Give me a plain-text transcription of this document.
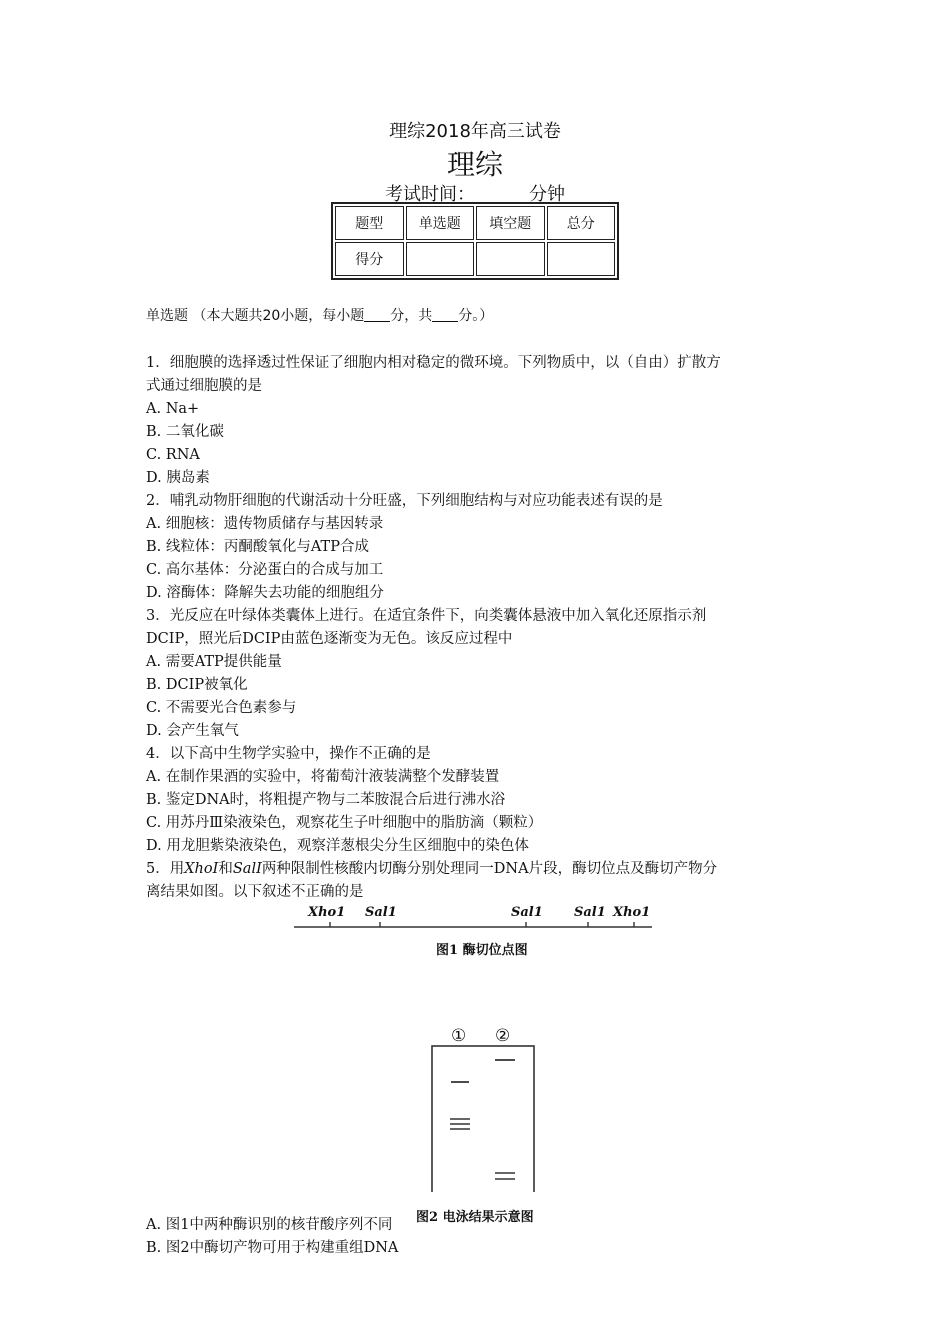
理综2018年高三试卷
理综
考试时间：	分钟
题型	单选题	填空题	总分
得分			
单选题 （本大题共20小题，每小题 分，共 分。）
1．细胞膜的选择透过性保证了细胞内相对稳定的微环境。下列物质中，以（自由）扩散方
式通过细胞膜的是
A. Na+
B. 二氧化碳
C. RNA
D. 胰岛素
2．哺乳动物肝细胞的代谢活动十分旺盛，下列细胞结构与对应功能表述有误的是
A. 细胞核：遗传物质储存与基因转录
B. 线粒体：丙酮酸氧化与ATP合成
C. 高尔基体：分泌蛋白的合成与加工
D. 溶酶体：降解失去功能的细胞组分
3．光反应在叶绿体类囊体上进行。在适宜条件下，向类囊体悬液中加入氧化还原指示剂
DCIP，照光后DCIP由蓝色逐渐变为无色。该反应过程中
A. 需要ATP提供能量
B. DCIP被氧化
C. 不需要光合色素参与
D. 会产生氧气
4．以下高中生物学实验中，操作不正确的是
A. 在制作果酒的实验中，将葡萄汁液装满整个发酵装置
B. 鉴定DNA时，将粗提产物与二苯胺混合后进行沸水浴
C. 用苏丹Ⅲ染液染色，观察花生子叶细胞中的脂肪滴（颗粒）
D. 用龙胆紫染液染色，观察洋葱根尖分生区细胞中的染色体
5．用XhoI和SalI两种限制性核酸内切酶分别处理同一DNA片段，酶切位点及酶切产物分
离结果如图。以下叙述不正确的是
Xho1 Sal1	Sal1 Sal1 Xho1
图1 酶切位点图
① ②
图2 电泳结果示意图
A. 图1中两种酶识别的核苷酸序列不同
B. 图2中酶切产物可用于构建重组DNA
